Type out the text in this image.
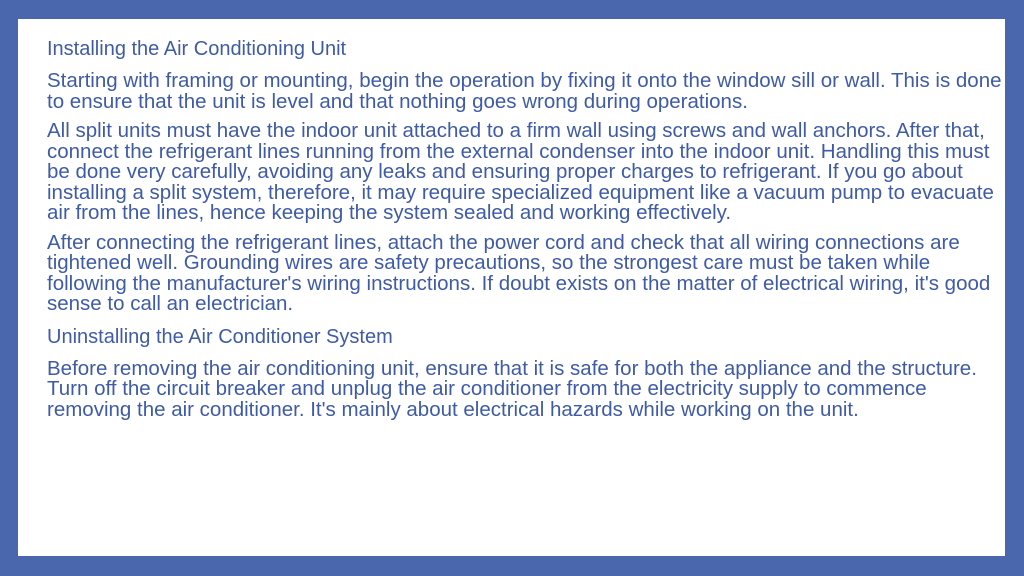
Installing the Air Conditioning Unit

Starting with framing or mounting, begin the operation by fixing it onto the window sill or wall. This is done to ensure that the unit is level and that nothing goes wrong during operations.

All split units must have the indoor unit attached to a firm wall using screws and wall anchors. After that, connect the refrigerant lines running from the external condenser into the indoor unit. Handling this must be done very carefully, avoiding any leaks and ensuring proper charges to refrigerant. If you go about installing a split system, therefore, it may require specialized equipment like a vacuum pump to evacuate air from the lines, hence keeping the system sealed and working effectively.

After connecting the refrigerant lines, attach the power cord and check that all wiring connections are tightened well. Grounding wires are safety precautions, so the strongest care must be taken while following the manufacturer's wiring instructions. If doubt exists on the matter of electrical wiring, it's good sense to call an electrician.

Uninstalling the Air Conditioner System

Before removing the air conditioning unit, ensure that it is safe for both the appliance and the structure. Turn off the circuit breaker and unplug the air conditioner from the electricity supply to commence removing the air conditioner. It's mainly about electrical hazards while working on the unit.
